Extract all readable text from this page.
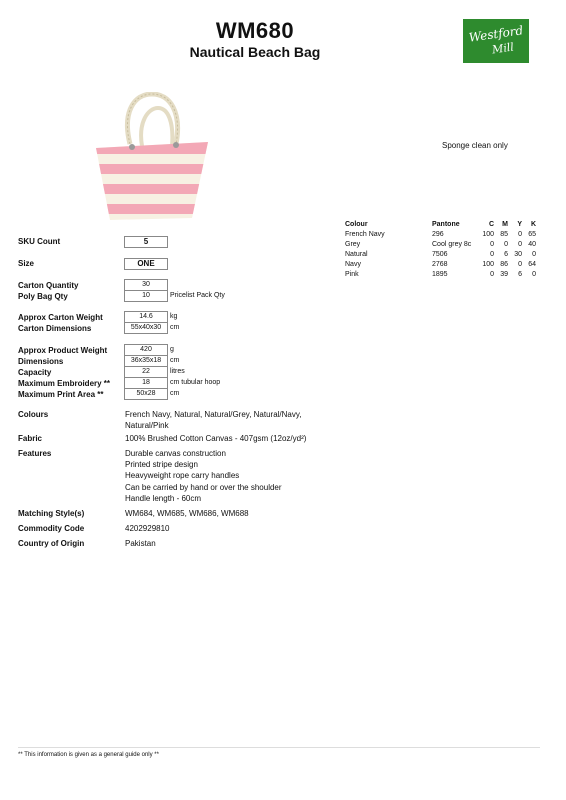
WM680
Nautical Beach Bag
Westford
Mill
Sponge clean only
Colour	Pantone	C	M	Y	K
French Navy	296	100	85	0	65
Grey	Cool grey 8c	0	0	0	40
Natural	7506	0	6	30	0
Navy	2768	100	86	0	64
Pink	1895	0	39	6	0
SKU Count	5
Size	ONE
Carton Quantity	30
Poly Bag Qty	10	Pricelist Pack Qty
Approx Carton Weight	14.6	kg
Carton Dimensions	55x40x30	cm
Approx Product Weight	420	g
Dimensions	36x35x18	cm
Capacity	22	litres
Maximum Embroidery **	18	cm tubular hoop
Maximum Print Area **	50x28	cm
Colours	French Navy, Natural, Natural/Grey, Natural/Navy, Natural/Pink
Fabric	100% Brushed Cotton Canvas - 407gsm (12oz/yd²)
Features	Durable canvas construction
Printed stripe design
Heavyweight rope carry handles
Can be carried by hand or over the shoulder
Handle length - 60cm
Matching Style(s)	WM684, WM685, WM686, WM688
Commodity Code	4202929810
Country of Origin	Pakistan
** This information is given as a general guide only **
